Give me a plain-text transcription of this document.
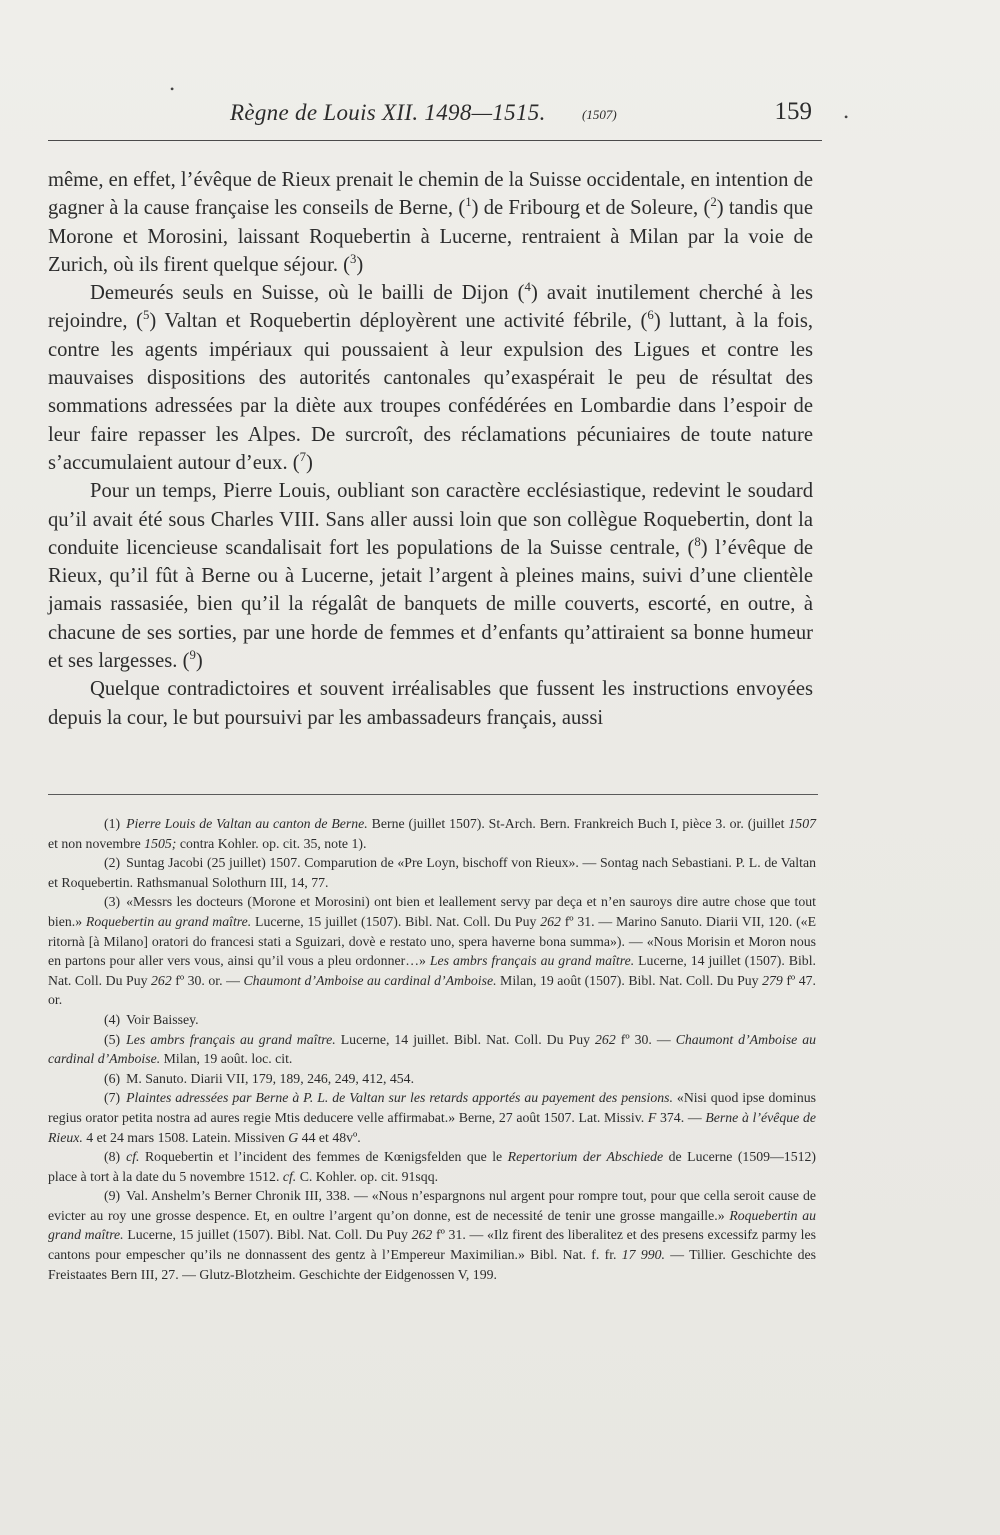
•
•
Règne de Louis XII. 1498—1515.	(1507)	159

même, en effet, l’évêque de Rieux prenait le chemin de la Suisse occidentale, en intention de gagner à la cause française les conseils de Berne, ($^1$) de Fribourg et de Soleure, ($^2$) tandis que Morone et Morosini, laissant Roquebertin à Lucerne, rentraient à Milan par la voie de Zurich, où ils firent quelque séjour. ($^3$)

Demeurés seuls en Suisse, où le bailli de Dijon ($^4$) avait inutilement cherché à les rejoindre, ($^5$) Valtan et Roquebertin déployèrent une activité fébrile, ($^6$) luttant, à la fois, contre les agents impériaux qui poussaient à leur expulsion des Ligues et contre les mauvaises dispositions des autorités cantonales qu’exaspérait le peu de résultat des sommations adressées par la diète aux troupes confédérées en Lombardie dans l’espoir de leur faire repasser les Alpes. De surcroît, des réclamations pécuniaires de toute nature s’accumulaient autour d’eux. ($^7$)

Pour un temps, Pierre Louis, oubliant son caractère ecclésiastique, redevint le soudard qu’il avait été sous Charles VIII. Sans aller aussi loin que son collègue Roquebertin, dont la conduite licencieuse scandalisait fort les populations de la Suisse centrale, ($^8$) l’évêque de Rieux, qu’il fût à Berne ou à Lucerne, jetait l’argent à pleines mains, suivi d’une clientèle jamais rassasiée, bien qu’il la régalât de banquets de mille couverts, escorté, en outre, à chacune de ses sorties, par une horde de femmes et d’enfants qu’attiraient sa bonne humeur et ses largesses. ($^9$)

Quelque contradictoires et souvent irréalisables que fussent les instructions envoyées depuis la cour, le but poursuivi par les ambassadeurs français, aussi

(1) Pierre Louis de Valtan au canton de Berne. Berne (juillet 1507). St-Arch. Bern. Frankreich Buch I, pièce 3. or. (juillet 1507 et non novembre 1505; contra Kohler. op. cit. 35, note 1).

(2) Suntag Jacobi (25 juillet) 1507. Comparution de «Pre Loyn, bischoff von Rieux». — Sontag nach Sebastiani. P. L. de Valtan et Roquebertin. Rathsmanual Solothurn III, 14, 77.

(3) «Messrs les docteurs (Morone et Morosini) ont bien et leallement servy par deça et n’en sauroys dire autre chose que tout bien.» Roquebertin au grand maître. Lucerne, 15 juillet (1507). Bibl. Nat. Coll. Du Puy 262 fº 31. — Marino Sanuto. Diarii VII, 120. («E ritornà [à Milano] oratori do francesi stati a Sguizari, dovè e restato uno, spera haverne bona summa»). — «Nous Morisin et Moron nous en partons pour aller vers vous, ainsi qu’il vous a pleu ordonner…» Les ambrs français au grand maître. Lucerne, 14 juillet (1507). Bibl. Nat. Coll. Du Puy 262 fº 30. or. — Chaumont d’Amboise au cardinal d’Amboise. Milan, 19 août (1507). Bibl. Nat. Coll. Du Puy 279 fº 47. or.

(4) Voir Baissey.

(5) Les ambrs français au grand maître. Lucerne, 14 juillet. Bibl. Nat. Coll. Du Puy 262 fº 30. — Chaumont d’Amboise au cardinal d’Amboise. Milan, 19 août. loc. cit.

(6) M. Sanuto. Diarii VII, 179, 189, 246, 249, 412, 454.

(7) Plaintes adressées par Berne à P. L. de Valtan sur les retards apportés au payement des pensions. «Nisi quod ipse dominus regius orator petita nostra ad aures regie Mtis deducere velle affirmabat.» Berne, 27 août 1507. Lat. Missiv. F 374. — Berne à l’évêque de Rieux. 4 et 24 mars 1508. Latein. Missiven G 44 et 48vº.

(8) cf. Roquebertin et l’incident des femmes de Kœnigsfelden que le Repertorium der Abschiede de Lucerne (1509—1512) place à tort à la date du 5 novembre 1512. cf. C. Kohler. op. cit. 91sqq.

(9) Val. Anshelm’s Berner Chronik III, 338. — «Nous n’espargnons nul argent pour rompre tout, pour que cella seroit cause de evicter au roy une grosse despence. Et, en oultre l’argent qu’on donne, est de necessité de tenir une grosse mangaille.» Roquebertin au grand maître. Lucerne, 15 juillet (1507). Bibl. Nat. Coll. Du Puy 262 fº 31. — «Ilz firent des liberalitez et des presens excessifz parmy les cantons pour empescher qu’ils ne donnassent des gentz à l’Empereur Maximilian.» Bibl. Nat. f. fr. 17 990. — Tillier. Geschichte des Freistaates Bern III, 27. — Glutz-Blotzheim. Geschichte der Eidgenossen V, 199.
